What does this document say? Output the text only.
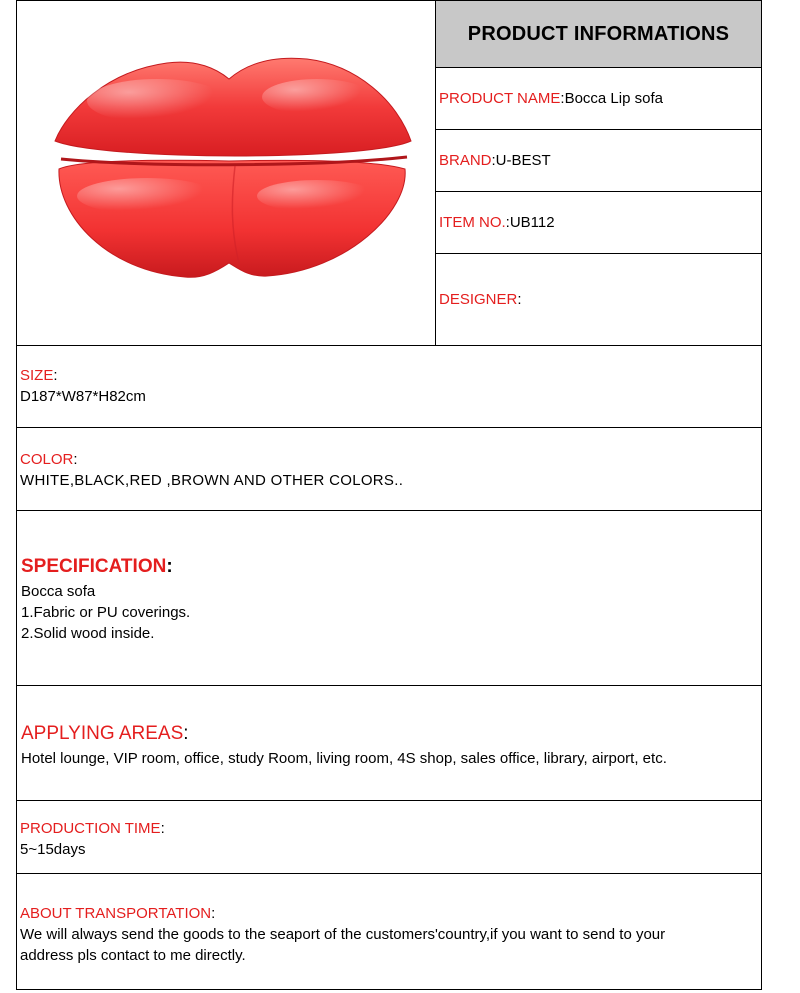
PRODUCT INFORMATIONS
PRODUCT NAME :Bocca Lip sofa
BRAND :U-BEST
ITEM NO. :UB112
DESIGNER :
SIZE:
D187*W87*H82cm
COLOR:
WHITE,BLACK,RED ,BROWN AND OTHER COLORS..
SPECIFICATION:
Bocca sofa
1.Fabric or PU coverings.
2.Solid wood inside.
APPLYING AREAS:
Hotel lounge, VIP room, office, study Room, living room, 4S shop, sales office, library, airport, etc.
PRODUCTION TIME:
5~15days
ABOUT TRANSPORTATION:
We will always send the goods to the seaport of the customers'country,if you want to send to your
address pls contact to me directly.
